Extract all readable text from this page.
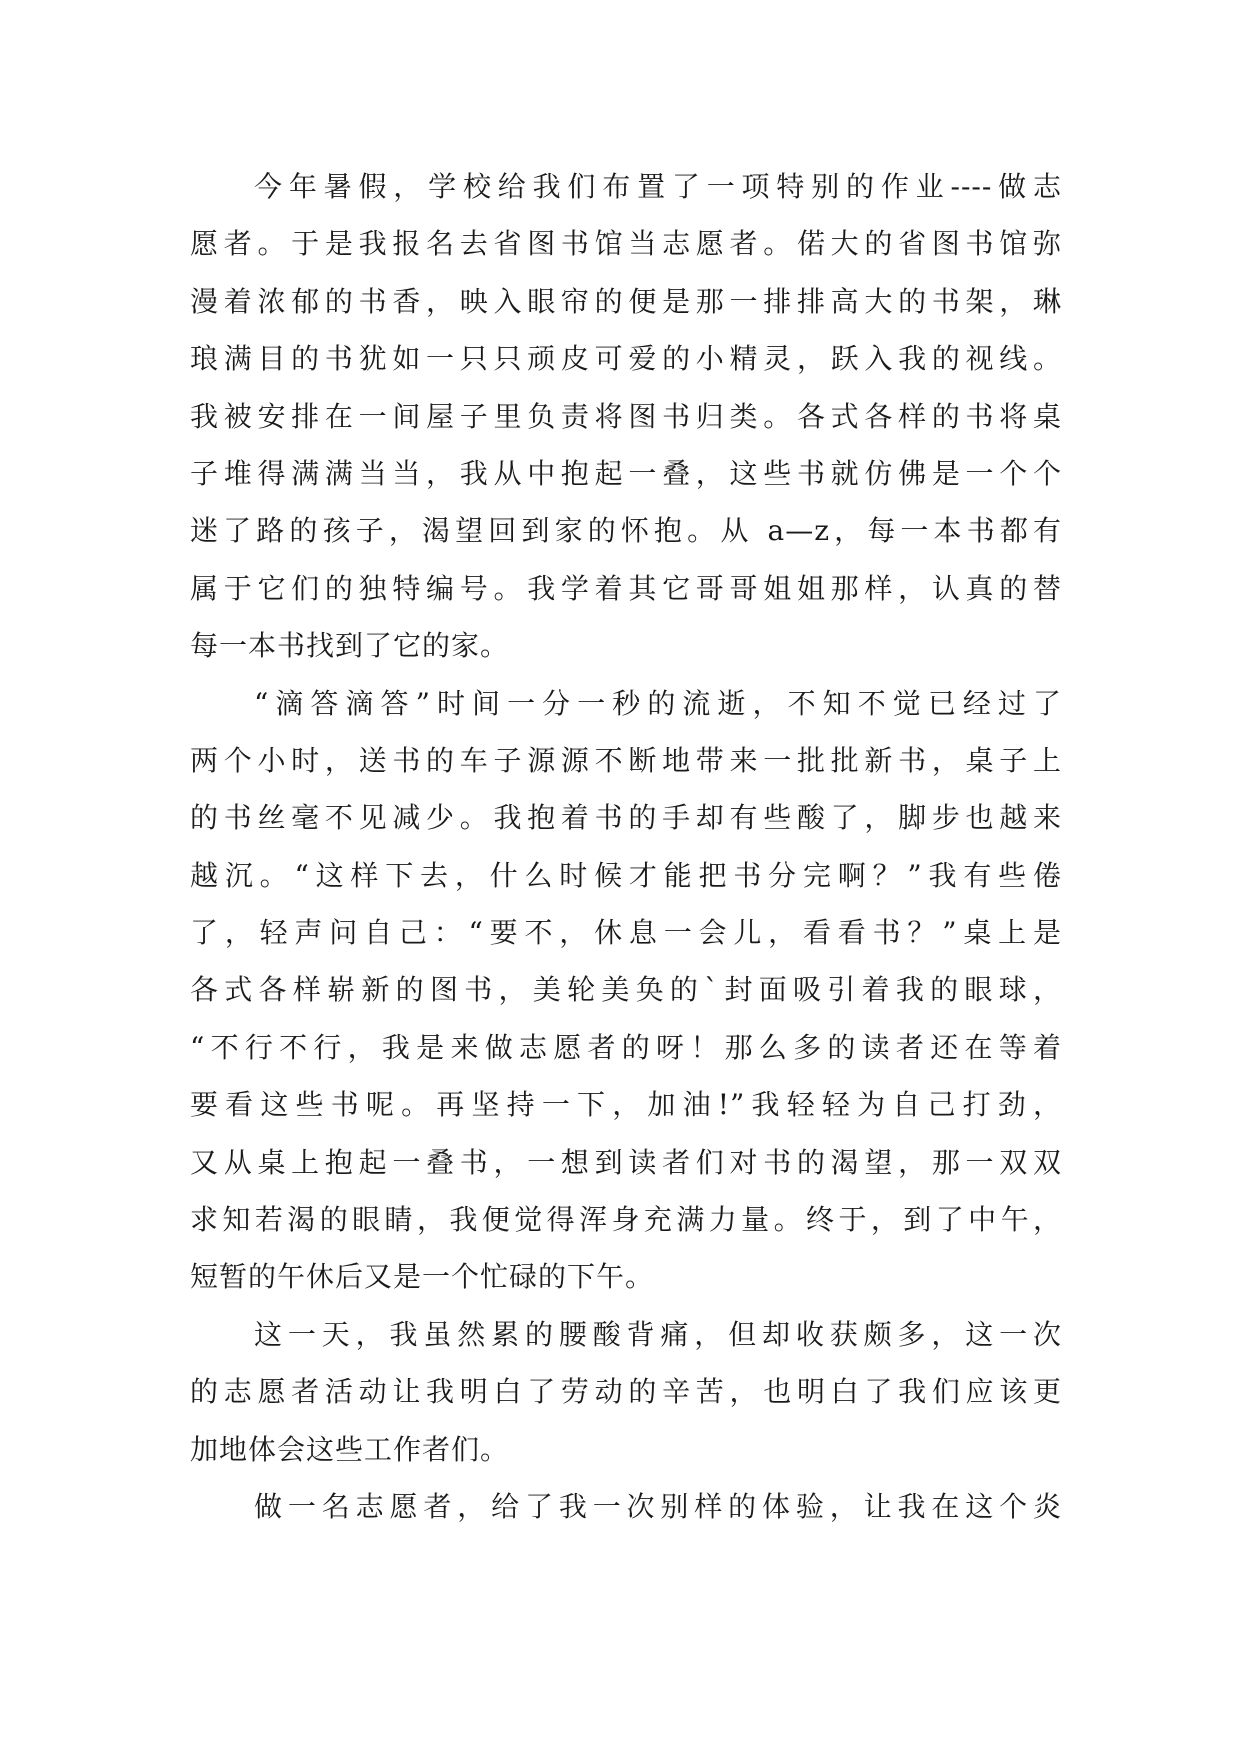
今年暑假，学校给我们布置了一项特别的作业----做志
愿者。于是我报名去省图书馆当志愿者。偌大的省图书馆弥
漫着浓郁的书香，映入眼帘的便是那一排排高大的书架，琳
琅满目的书犹如一只只顽皮可爱的小精灵，跃入我的视线。
我被安排在一间屋子里负责将图书归类。各式各样的书将桌
子堆得满满当当，我从中抱起一叠，这些书就仿佛是一个个
迷了路的孩子，渴望回到家的怀抱。从 a—z，每一本书都有
属于它们的独特编号。我学着其它哥哥姐姐那样，认真的替
每一本书找到了它的家。
“滴答滴答”时间一分一秒的流逝，不知不觉已经过了
两个小时，送书的车子源源不断地带来一批批新书，桌子上
的书丝毫不见减少。我抱着书的手却有些酸了，脚步也越来
越沉。“这样下去，什么时候才能把书分完啊？”我有些倦
了，轻声问自己：“要不，休息一会儿，看看书？”桌上是
各式各样崭新的图书，美轮美奂的`封面吸引着我的眼球，
“不行不行，我是来做志愿者的呀！那么多的读者还在等着
要看这些书呢。再坚持一下，加油!”我轻轻为自己打劲，
又从桌上抱起一叠书，一想到读者们对书的渴望，那一双双
求知若渴的眼睛，我便觉得浑身充满力量。终于，到了中午，
短暂的午休后又是一个忙碌的下午。
这一天，我虽然累的腰酸背痛，但却收获颇多，这一次
的志愿者活动让我明白了劳动的辛苦，也明白了我们应该更
加地体会这些工作者们。
做一名志愿者，给了我一次别样的体验，让我在这个炎
